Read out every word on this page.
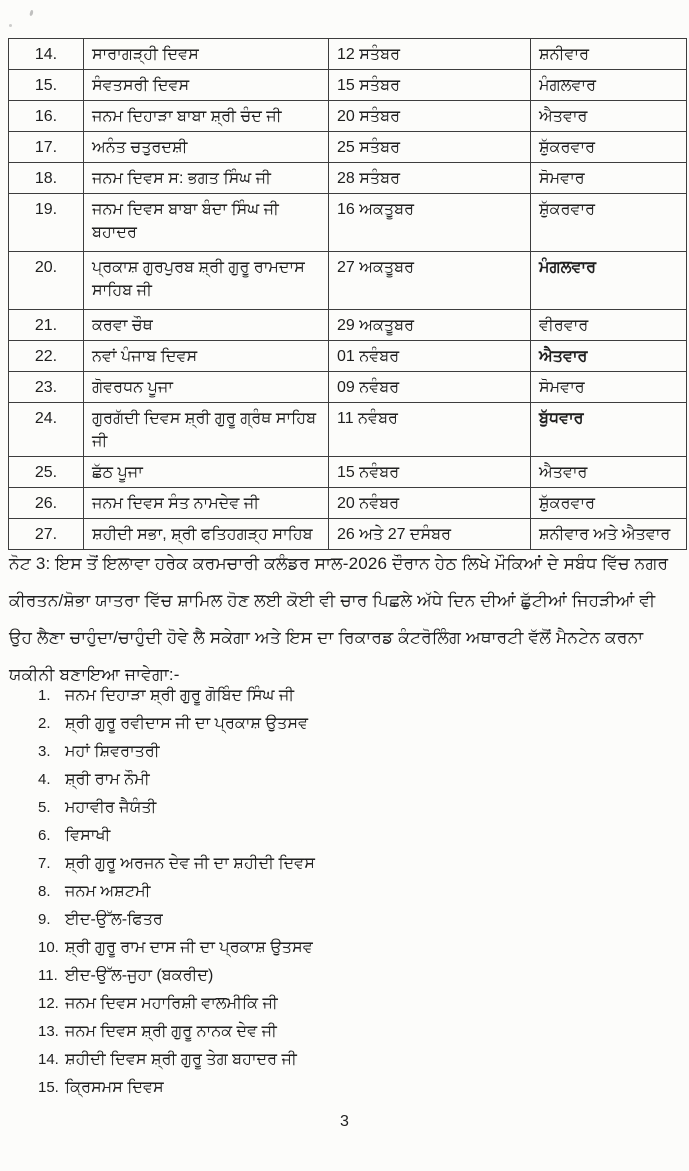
14.	ਸਾਰਾਗੜ੍ਹੀ ਦਿਵਸ	12 ਸਤੰਬਰ	ਸ਼ਨੀਵਾਰ
15.	ਸੰਵਤਸਰੀ ਦਿਵਸ	15 ਸਤੰਬਰ	ਮੰਗਲਵਾਰ
16.	ਜਨਮ ਦਿਹਾੜਾ ਬਾਬਾ ਸ਼੍ਰੀ ਚੰਦ ਜੀ	20 ਸਤੰਬਰ	ਐਤਵਾਰ
17.	ਅਨੰਤ ਚਤੁਰਦਸ਼ੀ	25 ਸਤੰਬਰ	ਸ਼ੁੱਕਰਵਾਰ
18.	ਜਨਮ ਦਿਵਸ ਸ: ਭਗਤ ਸਿੰਘ ਜੀ	28 ਸਤੰਬਰ	ਸੋਮਵਾਰ
19.	ਜਨਮ ਦਿਵਸ ਬਾਬਾ ਬੰਦਾ ਸਿੰਘ ਜੀ ਬਹਾਦਰ	16 ਅਕਤੂਬਰ	ਸ਼ੁੱਕਰਵਾਰ
20.	ਪ੍ਰਕਾਸ਼ ਗੁਰਪੁਰਬ ਸ਼੍ਰੀ ਗੁਰੂ ਰਾਮਦਾਸ ਸਾਹਿਬ ਜੀ	27 ਅਕਤੂਬਰ	ਮੰਗਲਵਾਰ
21.	ਕਰਵਾ ਚੌਥ	29 ਅਕਤੂਬਰ	ਵੀਰਵਾਰ
22.	ਨਵਾਂ ਪੰਜਾਬ ਦਿਵਸ	01 ਨਵੰਬਰ	ਐਤਵਾਰ
23.	ਗੋਵਰਧਨ ਪੂਜਾ	09 ਨਵੰਬਰ	ਸੋਮਵਾਰ
24.	ਗੁਰਗੱਦੀ ਦਿਵਸ ਸ਼੍ਰੀ ਗੁਰੂ ਗ੍ਰੰਥ ਸਾਹਿਬ ਜੀ	11 ਨਵੰਬਰ	ਬੁੱਧਵਾਰ
25.	ਛੱਠ ਪੂਜਾ	15 ਨਵੰਬਰ	ਐਤਵਾਰ
26.	ਜਨਮ ਦਿਵਸ ਸੰਤ ਨਾਮਦੇਵ ਜੀ	20 ਨਵੰਬਰ	ਸ਼ੁੱਕਰਵਾਰ
27.	ਸ਼ਹੀਦੀ ਸਭਾ, ਸ਼੍ਰੀ ਫਤਿਹਗੜ੍ਹ ਸਾਹਿਬ	26 ਅਤੇ 27 ਦਸੰਬਰ	ਸ਼ਨੀਵਾਰ ਅਤੇ ਐਤਵਾਰ

ਨੋਟ 3: ਇਸ ਤੋਂ ਇਲਾਵਾ ਹਰੇਕ ਕਰਮਚਾਰੀ ਕਲੰਡਰ ਸਾਲ-2026 ਦੌਰਾਨ ਹੇਠ ਲਿਖੇ ਮੌਕਿਆਂ ਦੇ ਸਬੰਧ ਵਿੱਚ ਨਗਰ ਕੀਰਤਨ/ਸ਼ੋਭਾ ਯਾਤਰਾ ਵਿੱਚ ਸ਼ਾਮਿਲ ਹੋਣ ਲਈ ਕੋਈ ਵੀ ਚਾਰ ਪਿਛਲੇ ਅੱਧੇ ਦਿਨ ਦੀਆਂ ਛੁੱਟੀਆਂ ਜਿਹੜੀਆਂ ਵੀ ਉਹ ਲੈਣਾ ਚਾਹੁੰਦਾ/ਚਾਹੁੰਦੀ ਹੋਵੇ ਲੈ ਸਕੇਗਾ ਅਤੇ ਇਸ ਦਾ ਰਿਕਾਰਡ ਕੰਟਰੋਲਿੰਗ ਅਥਾਰਟੀ ਵੱਲੋਂ ਮੈਨਟੇਨ ਕਰਨਾ ਯਕੀਨੀ ਬਣਾਇਆ ਜਾਵੇਗਾ:-

1. ਜਨਮ ਦਿਹਾੜਾ ਸ਼੍ਰੀ ਗੁਰੂ ਗੋਬਿੰਦ ਸਿੰਘ ਜੀ
2. ਸ਼੍ਰੀ ਗੁਰੂ ਰਵੀਦਾਸ ਜੀ ਦਾ ਪ੍ਰਕਾਸ਼ ਉਤਸਵ
3. ਮਹਾਂ ਸ਼ਿਵਰਾਤਰੀ
4. ਸ਼੍ਰੀ ਰਾਮ ਨੌਮੀ
5. ਮਹਾਵੀਰ ਜੈਯੰਤੀ
6. ਵਿਸਾਖੀ
7. ਸ਼੍ਰੀ ਗੁਰੂ ਅਰਜਨ ਦੇਵ ਜੀ ਦਾ ਸ਼ਹੀਦੀ ਦਿਵਸ
8. ਜਨਮ ਅਸ਼ਟਮੀ
9. ਈਦ-ਉੱਲ-ਫਿਤਰ
10. ਸ਼੍ਰੀ ਗੁਰੂ ਰਾਮ ਦਾਸ ਜੀ ਦਾ ਪ੍ਰਕਾਸ਼ ਉਤਸਵ
11. ਈਦ-ਉੱਲ-ਜੁਹਾ (ਬਕਰੀਦ)
12. ਜਨਮ ਦਿਵਸ ਮਹਾਰਿਸ਼ੀ ਵਾਲਮੀਕਿ ਜੀ
13. ਜਨਮ ਦਿਵਸ ਸ਼੍ਰੀ ਗੁਰੂ ਨਾਨਕ ਦੇਵ ਜੀ
14. ਸ਼ਹੀਦੀ ਦਿਵਸ ਸ਼੍ਰੀ ਗੁਰੂ ਤੇਗ ਬਹਾਦਰ ਜੀ
15. ਕ੍ਰਿਸਮਸ ਦਿਵਸ
3
